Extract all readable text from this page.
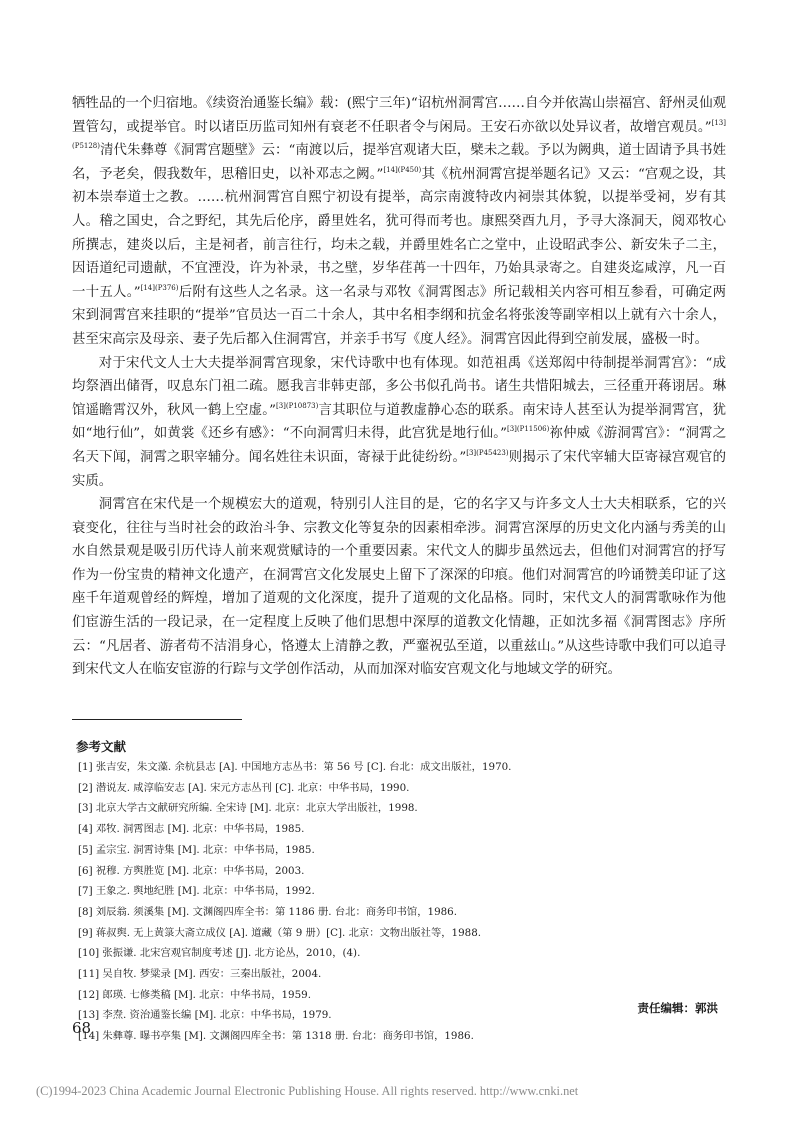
牺牲品的一个归宿地。《续资治通鉴长编》载：(熙宁三年)“诏杭州洞霄宫……自今并依嵩山崇福宫、舒州灵仙观置管勾，或提举官。时以诸臣历监司知州有衰老不任职者令与闲局。王安石亦欲以处异议者，故增宫观员。”$^{[13](P5128)}$清代朱彝尊《洞霄宫题壁》云：“南渡以后，提举宫观诸大臣，檗未之载。予以为阙典，道士固请予具书姓名，予老矣，假我数年，思稽旧史，以补邓志之阙。”$^{[14](P450)}$其《杭州洞霄宫提举题名记》又云：“宫观之设，其初本崇奉道士之教。……杭州洞霄宫自熙宁初设有提举，高宗南渡特改内祠崇其体貌，以提举受祠，岁有其人。稽之国史，合之野纪，其先后伦序，爵里姓名，犹可得而考也。康熙癸酉九月，予寻大涤洞天，阅邓牧心所撰志，建炎以后，主是祠者，前言往行，均未之载，并爵里姓名亡之堂中，止设昭武李公、新安朱子二主，因语道纪司遗献，不宜湮没，许为补录，书之壁，岁华荏苒一十四年，乃始具录寄之。自建炎迄咸淳，凡一百一十五人。”$^{[14](P376)}$后附有这些人之名录。这一名录与邓牧《洞霄图志》所记载相关内容可相互参看，可确定两宋到洞霄宫来挂职的“提举”官员达一百二十余人，其中名相李纲和抗金名将张浚等副宰相以上就有六十余人，甚至宋高宗及母亲、妻子先后都入住洞霄宫，并亲手书写《度人经》。洞霄宫因此得到空前发展，盛极一时。

对于宋代文人士大夫提举洞霄宫现象，宋代诗歌中也有体现。如范祖禹《送郑闳中待制提举洞霄宫》：“成均祭酒出储胥，叹息东门祖二疏。愿我言非韩吏部，多公书似孔尚书。诸生共惜阳城去，三径重开蒋诩居。琳馆遥瞻霄汉外，秋风一鹤上空虚。”$^{[3](P10873)}$言其职位与道教虚静心态的联系。南宋诗人甚至认为提举洞霄宫，犹如“地行仙”，如黄裳《还乡有感》：“不向洞霄归未得，此宫犹是地行仙。”$^{[3](P11506)}$祢仲威《游洞霄宫》：“洞霄之名天下闻，洞霄之职宰辅分。闻名姓往未识面，寄禄于此徒纷纷。”$^{[3](P45423)}$则揭示了宋代宰辅大臣寄禄宫观官的实质。

洞霄宫在宋代是一个规模宏大的道观，特别引人注目的是，它的名字又与许多文人士大夫相联系，它的兴衰变化，往往与当时社会的政治斗争、宗教文化等复杂的因素相牵涉。洞霄宫深厚的历史文化内涵与秀美的山水自然景观是吸引历代诗人前来观赏赋诗的一个重要因素。宋代文人的脚步虽然远去，但他们对洞霄宫的抒写作为一份宝贵的精神文化遗产，在洞霄宫文化发展史上留下了深深的印痕。他们对洞霄宫的吟诵赞美印证了这座千年道观曾经的辉煌，增加了道观的文化深度，提升了道观的文化品格。同时，宋代文人的洞霄歌咏作为他们宦游生活的一段记录，在一定程度上反映了他们思想中深厚的道教文化情趣，正如沈多福《洞霄图志》序所云：“凡居者、游者苟不洁涓身心，恪遵太上清静之教，严韲祝弘至道，以重兹山。”从这些诗歌中我们可以追寻到宋代文人在临安宦游的行踪与文学创作活动，从而加深对临安宫观文化与地域文学的研究。

参考文献
[1] 张吉安，朱文藻. 余杭县志 [A]. 中国地方志丛书：第 56 号 [C]. 台北：成文出版社，1970.
[2] 潜说友. 咸淳临安志 [A]. 宋元方志丛刊 [C]. 北京：中华书局，1990.
[3] 北京大学古文献研究所编. 全宋诗 [M]. 北京：北京大学出版社，1998.
[4] 邓牧. 洞霄图志 [M]. 北京：中华书局，1985.
[5] 孟宗宝. 洞霄诗集 [M]. 北京：中华书局，1985.
[6] 祝穆. 方舆胜览 [M]. 北京：中华书局，2003.
[7] 王象之. 舆地纪胜 [M]. 北京：中华书局，1992.
[8] 刘辰翁. 须溪集 [M]. 文渊阁四库全书：第 1186 册. 台北：商务印书馆，1986.
[9] 蒋叔舆. 无上黄箓大斋立成仪 [A]. 道藏（第 9 册）[C]. 北京：文物出版社等，1988.
[10] 张振谦. 北宋宫观官制度考述 [J]. 北方论丛，2010，(4).
[11] 吴自牧. 梦粱录 [M]. 西安：三秦出版社，2004.
[12] 郎瑛. 七修类稿 [M]. 北京：中华书局，1959.
[13] 李焘. 资治通鉴长编 [M]. 北京：中华书局，1979.
[14] 朱彝尊. 曝书亭集 [M]. 文渊阁四库全书：第 1318 册. 台北：商务印书馆，1986.
责任编辑：郭洪
68
(C)1994-2023 China Academic Journal Electronic Publishing House. All rights reserved. http://www.cnki.net
